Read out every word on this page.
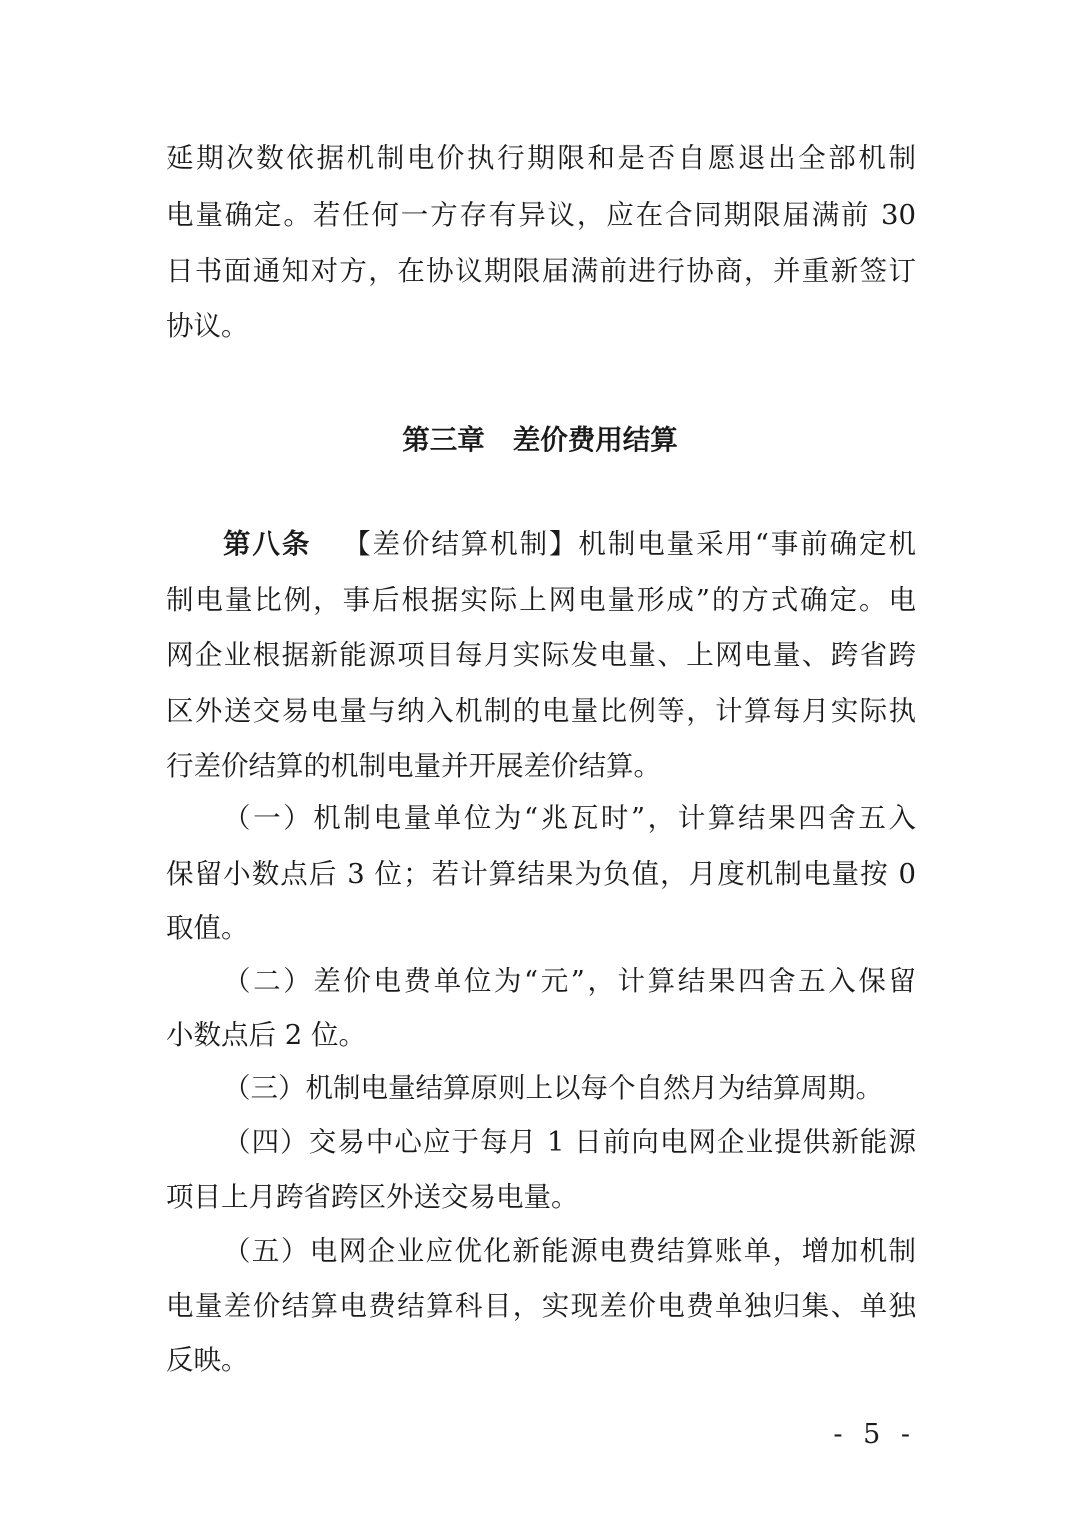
延期次数依据机制电价执行期限和是否自愿退出全部机制
电量确定。若任何一方存有异议，应在合同期限届满前 30
日书面通知对方，在协议期限届满前进行协商，并重新签订
协议。
第三章 差价费用结算
第八条 【差价结算机制】机制电量采用“事前确定机
制电量比例，事后根据实际上网电量形成”的方式确定。电
网企业根据新能源项目每月实际发电量、上网电量、跨省跨
区外送交易电量与纳入机制的电量比例等，计算每月实际执
行差价结算的机制电量并开展差价结算。
（一）机制电量单位为“兆瓦时”，计算结果四舍五入
保留小数点后 3 位；若计算结果为负值，月度机制电量按 0
取值。
（二）差价电费单位为“元”，计算结果四舍五入保留
小数点后 2 位。
（三）机制电量结算原则上以每个自然月为结算周期。
（四）交易中心应于每月 1 日前向电网企业提供新能源
项目上月跨省跨区外送交易电量。
（五）电网企业应优化新能源电费结算账单，增加机制
电量差价结算电费结算科目，实现差价电费单独归集、单独
反映。
- 5 -
